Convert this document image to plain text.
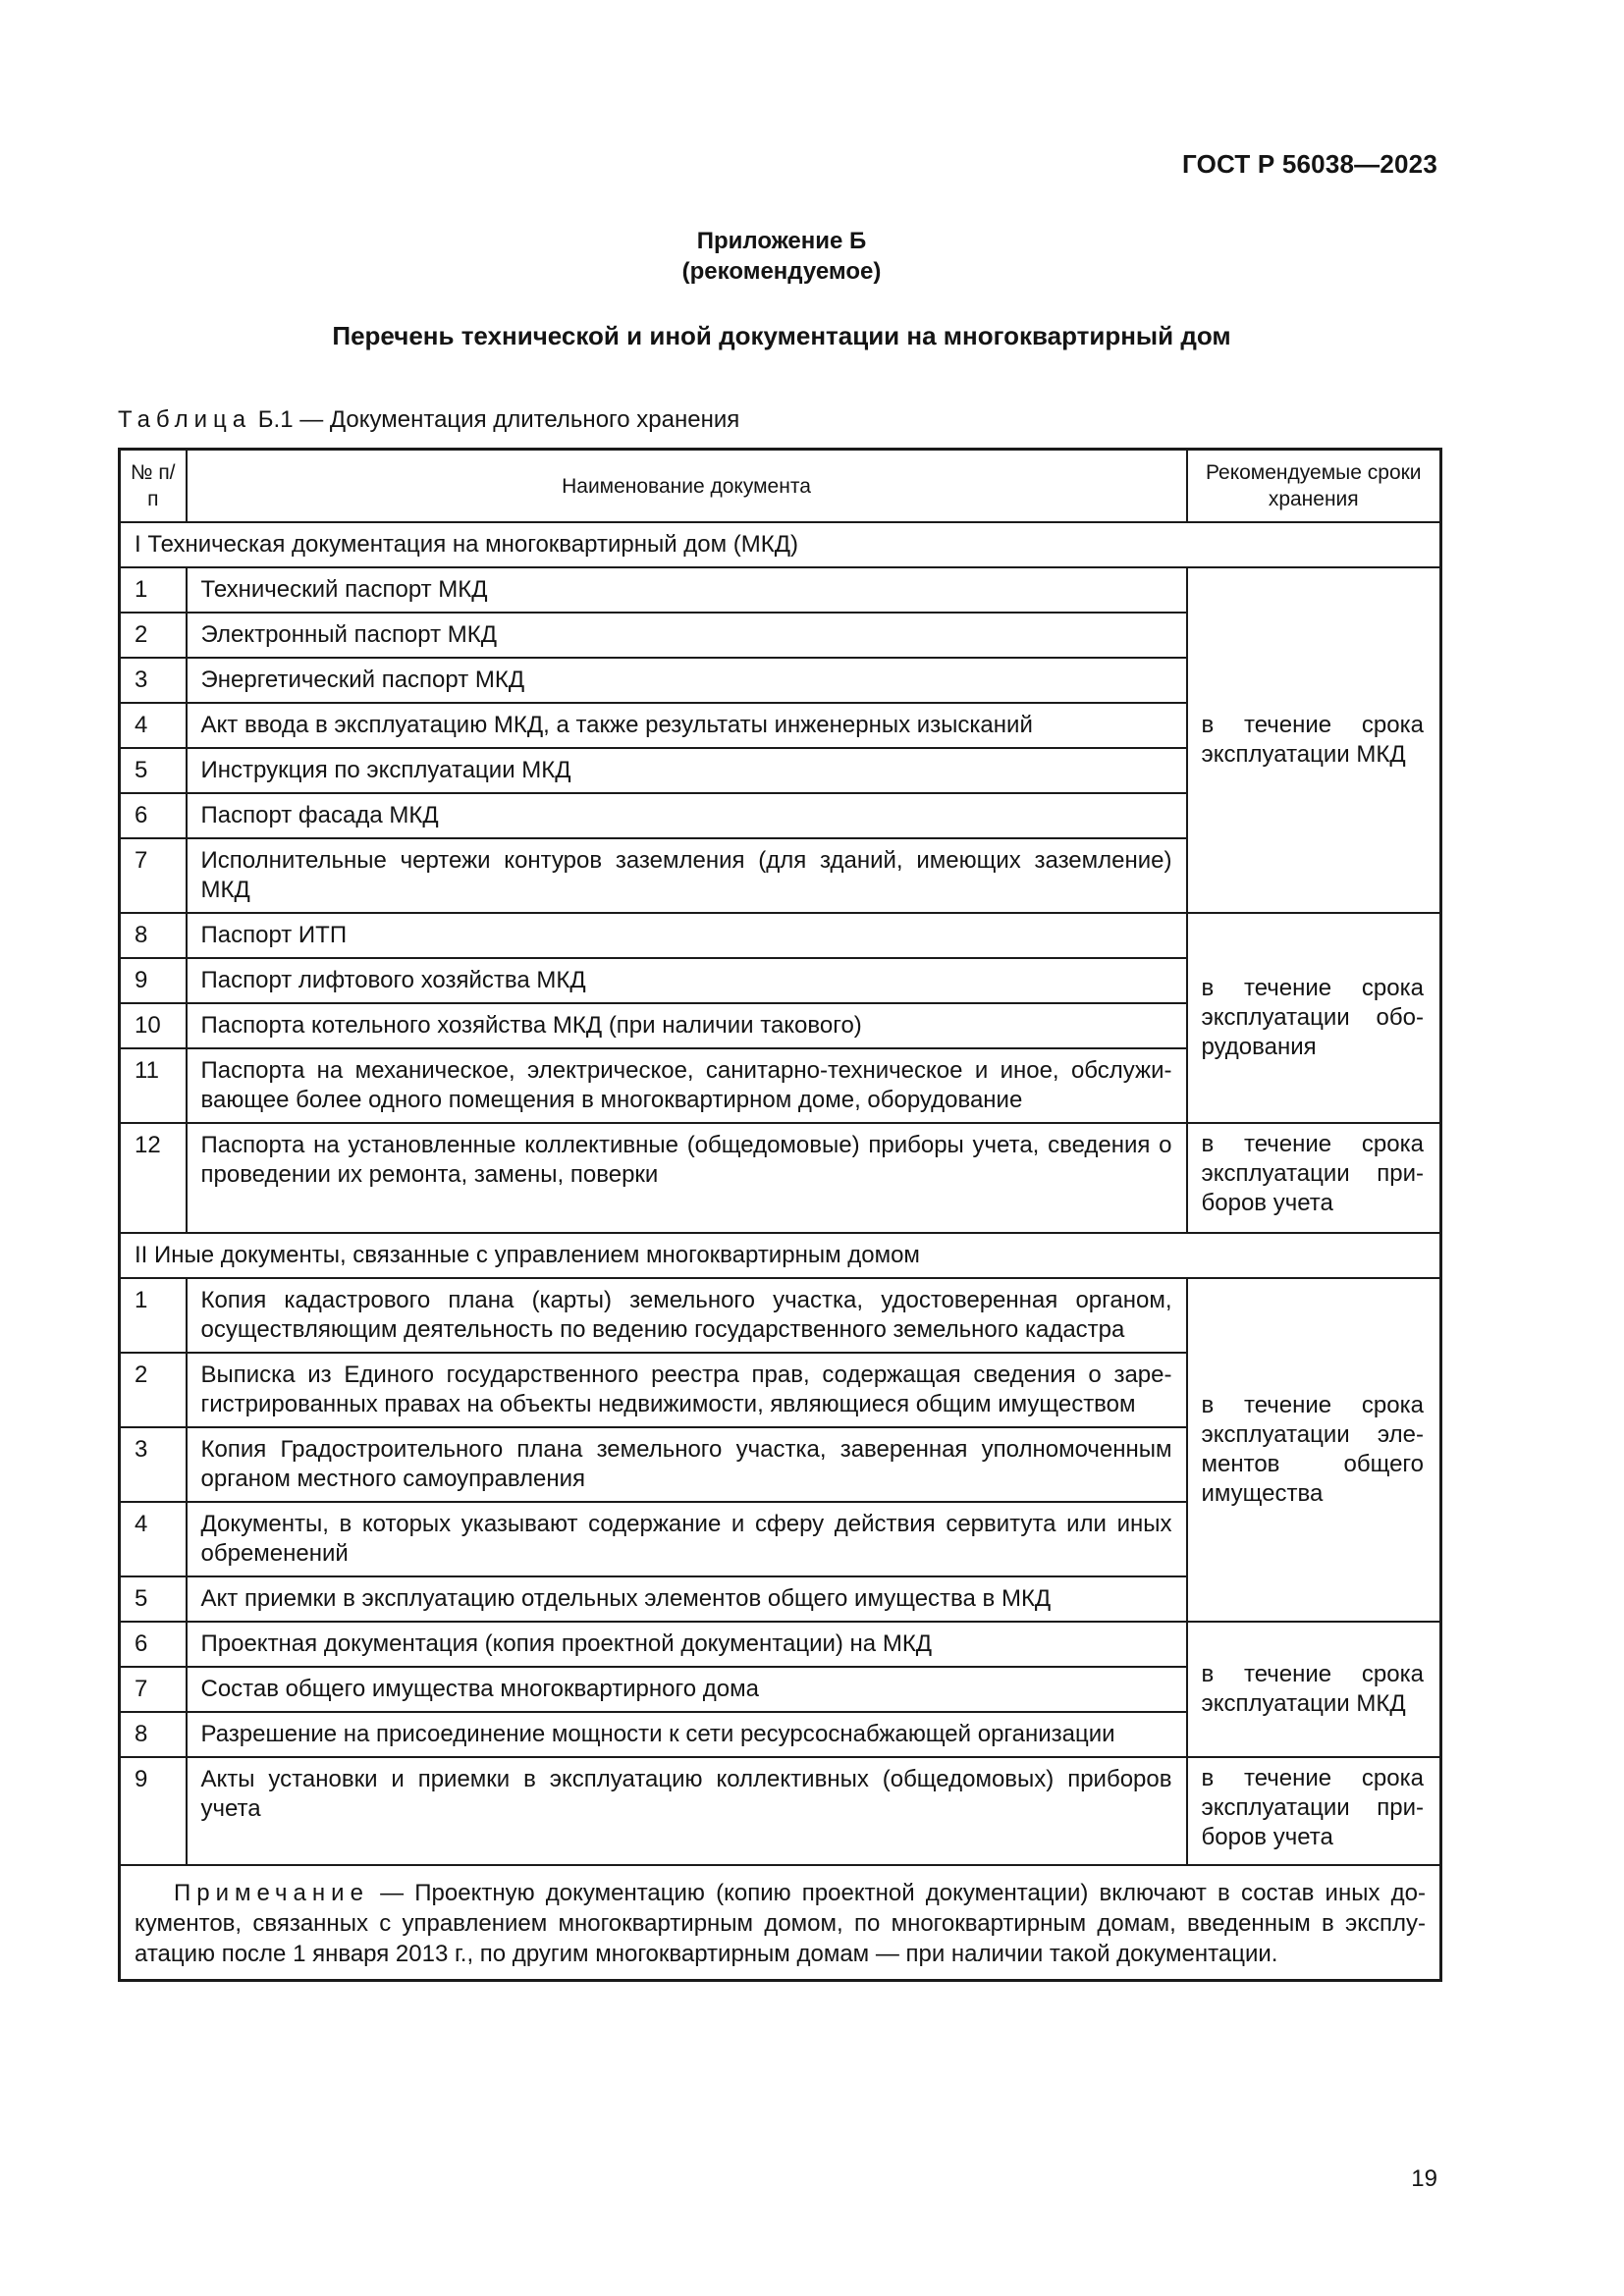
ГОСТ Р 56038—2023
Приложение Б
(рекомендуемое)
Перечень технической и иной документации на многоквартирный дом
Таблица Б.1 — Документация длительного хранения
№ п/п	Наименование документа	Рекомендуемые сроки хранения
I Техническая документация на многоквартирный дом (МКД)		
1	Технический паспорт МКД	в течение срока эксплуатации МКД
2	Электронный паспорт МКД	
3	Энергетический паспорт МКД	
4	Акт ввода в эксплуатацию МКД, а также результаты инженерных изысканий	
5	Инструкция по эксплуатации МКД	
6	Паспорт фасада МКД	
7	Исполнительные чертежи контуров заземления (для зданий, имеющих заземление) МКД	
8	Паспорт ИТП	в течение срока эксплуатации оборудования
9	Паспорт лифтового хозяйства МКД	
10	Паспорта котельного хозяйства МКД (при наличии такового)	
11	Паспорта на механическое, электрическое, санитарно-техническое и иное, обслуживающее более одного помещения в многоквартирном доме, оборудование	
12	Паспорта на установленные коллективные (общедомовые) приборы учета, сведения о проведении их ремонта, замены, поверки	в течение срока эксплуатации приборов учета
II Иные документы, связанные с управлением многоквартирным домом		
1	Копия кадастрового плана (карты) земельного участка, удостоверенная органом, осуществляющим деятельность по ведению государственного земельного кадастра	в течение срока эксплуатации элементов общего имущества
2	Выписка из Единого государственного реестра прав, содержащая сведения о зарегистрированных правах на объекты недвижимости, являющиеся общим имуществом	
3	Копия Градостроительного плана земельного участка, заверенная уполномоченным органом местного самоуправления	
4	Документы, в которых указывают содержание и сферу действия сервитута или иных обременений	
5	Акт приемки в эксплуатацию отдельных элементов общего имущества в МКД	
6	Проектная документация (копия проектной документации) на МКД	в течение срока эксплуатации МКД
7	Состав общего имущества многоквартирного дома	
8	Разрешение на присоединение мощности к сети ресурсоснабжающей организации	
9	Акты установки и приемки в эксплуатацию коллективных (общедомовых) приборов учета	в течение срока эксплуатации приборов учета
Примечание — Проектную документацию (копию проектной документации) включают в состав иных документов, связанных с управлением многоквартирным домом, по многоквартирным домам, введенным в эксплуатацию после 1 января 2013 г., по другим многоквартирным домам — при наличии такой документации.		
19
